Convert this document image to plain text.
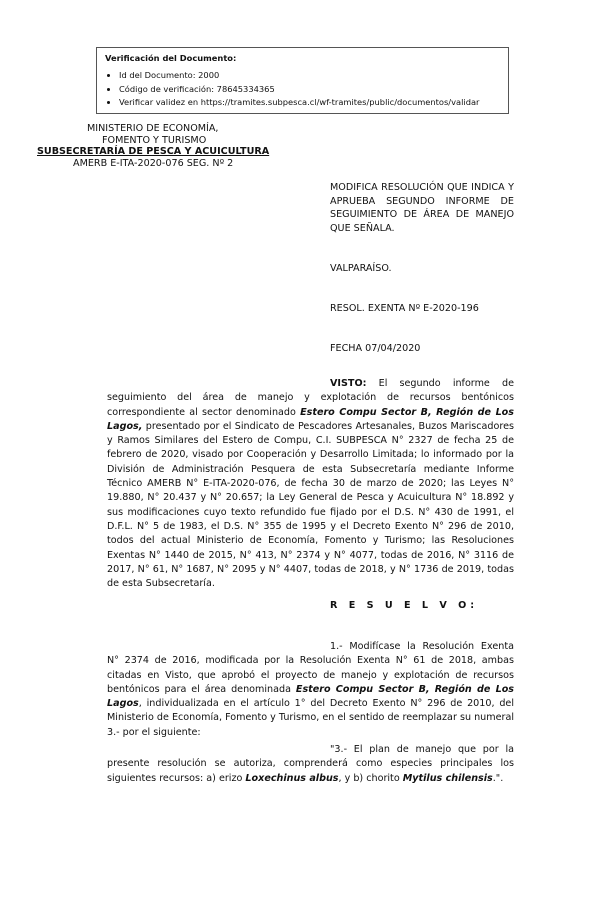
Verificación del Documento:
• Id del Documento: 2000
• Código de verificación: 78645334365
• Verificar validez en https://tramites.subpesca.cl/wf-tramites/public/documentos/validar
MINISTERIO DE ECONOMÍA,
FOMENTO Y TURISMO
SUBSECRETARÍA DE PESCA Y ACUICULTURA
AMERB E-ITA-2020-076 SEG. Nº 2
MODIFICA RESOLUCIÓN QUE INDICA Y APRUEBA SEGUNDO INFORME DE SEGUIMIENTO DE ÁREA DE MANEJO QUE SEÑALA.
VALPARAÍSO.
RESOL. EXENTA Nº E-2020-196
FECHA 07/04/2020
VISTO: El segundo informe de seguimiento del área de manejo y explotación de recursos bentónicos correspondiente al sector denominado Estero Compu Sector B, Región de Los Lagos, presentado por el Sindicato de Pescadores Artesanales, Buzos Mariscadores y Ramos Similares del Estero de Compu, C.I. SUBPESCA N° 2327 de fecha 25 de febrero de 2020, visado por Cooperación y Desarrollo Limitada; lo informado por la División de Administración Pesquera de esta Subsecretaría mediante Informe Técnico AMERB N° E-ITA-2020-076, de fecha 30 de marzo de 2020; las Leyes N° 19.880, N° 20.437 y N° 20.657; la Ley General de Pesca y Acuicultura N° 18.892 y sus modificaciones cuyo texto refundido fue fijado por el D.S. N° 430 de 1991, el D.F.L. N° 5 de 1983, el D.S. N° 355 de 1995 y el Decreto Exento N° 296 de 2010, todos del actual Ministerio de Economía, Fomento y Turismo; las Resoluciones Exentas N° 1440 de 2015, N° 413, N° 2374 y N° 4077, todas de 2016, N° 3116 de 2017, N° 61, N° 1687, N° 2095 y N° 4407, todas de 2018, y N° 1736 de 2019, todas de esta Subsecretaría.
R E S U E L V O:
1.- Modifícase la Resolución Exenta N° 2374 de 2016, modificada por la Resolución Exenta N° 61 de 2018, ambas citadas en Visto, que aprobó el proyecto de manejo y explotación de recursos bentónicos para el área denominada Estero Compu Sector B, Región de Los Lagos, individualizada en el artículo 1° del Decreto Exento N° 296 de 2010, del Ministerio de Economía, Fomento y Turismo, en el sentido de reemplazar su numeral 3.- por el siguiente:
"3.- El plan de manejo que por la presente resolución se autoriza, comprenderá como especies principales los siguientes recursos: a) erizo Loxechinus albus, y b) chorito Mytilus chilensis.".
